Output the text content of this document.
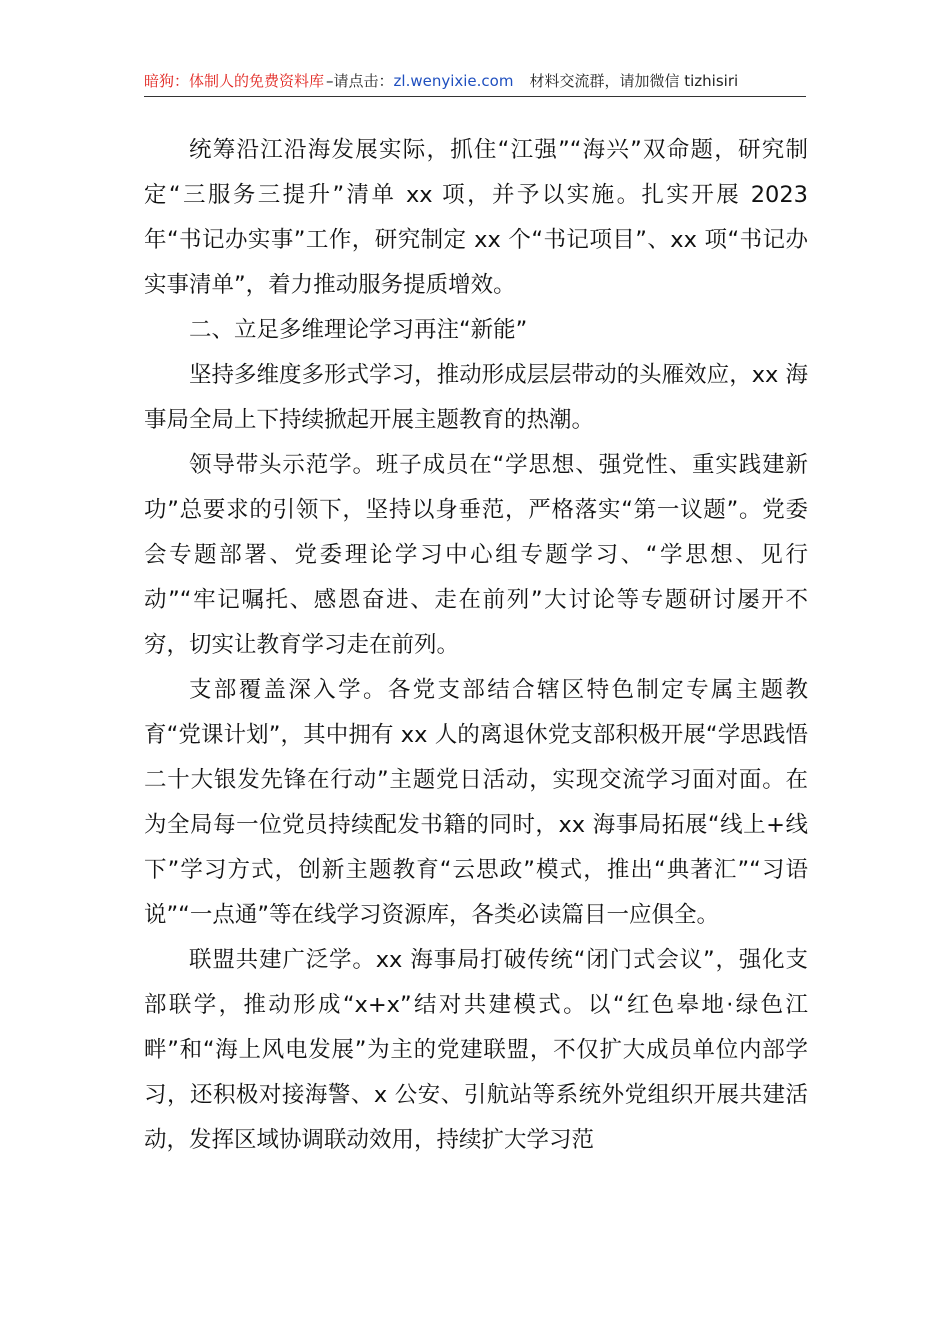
暗狗：体制人的免费资料库 –请点击：zl.wenyixie.com 材料交流群，请加微信 tizhisiri

统筹沿江沿海发展实际，抓住“江强”“海兴”双命题，研究制定“三服务三提升”清单 xx 项，并予以实施。扎实开展 2023 年“书记办实事”工作，研究制定 xx 个“书记项目”、xx 项“书记办实事清单”，着力推动服务提质增效。

二、立足多维理论学习再注“新能”

坚持多维度多形式学习，推动形成层层带动的头雁效应，xx 海事局全局上下持续掀起开展主题教育的热潮。

领导带头示范学。班子成员在“学思想、强党性、重实践建新功”总要求的引领下，坚持以身垂范，严格落实“第一议题”。党委会专题部署、党委理论学习中心组专题学习、“学思想、见行动”“牢记嘱托、感恩奋进、走在前列”大讨论等专题研讨屡开不穷，切实让教育学习走在前列。

支部覆盖深入学。各党支部结合辖区特色制定专属主题教育“党课计划”，其中拥有 xx 人的离退休党支部积极开展“学思践悟二十大银发先锋在行动”主题党日活动，实现交流学习面对面。在为全局每一位党员持续配发书籍的同时，xx 海事局拓展“线上+线下”学习方式，创新主题教育“云思政”模式，推出“典著汇”“习语说”“一点通”等在线学习资源库，各类必读篇目一应俱全。

联盟共建广泛学。xx 海事局打破传统“闭门式会议”，强化支部联学，推动形成“x+x”结对共建模式。以“红色皋地·绿色江畔”和“海上风电发展”为主的党建联盟，不仅扩大成员单位内部学习，还积极对接海警、x 公安、引航站等系统外党组织开展共建活动，发挥区域协调联动效用，持续扩大学习范
